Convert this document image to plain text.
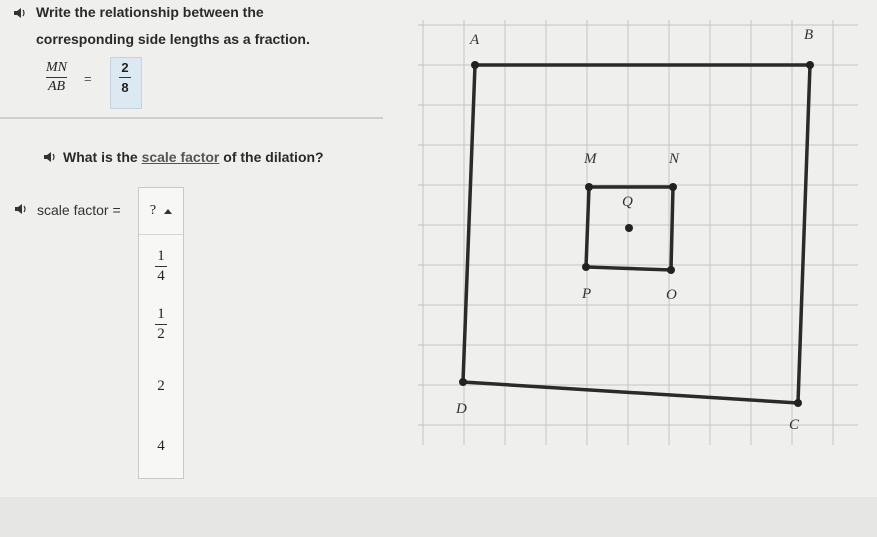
Write the relationship between the
corresponding side lengths as a fraction.
MN
AB
=
2
8
What is the scale factor of the dilation?
scale factor = ?
1
4
1
2
2
4
A	B
C
D
M	N
O
P
Q
